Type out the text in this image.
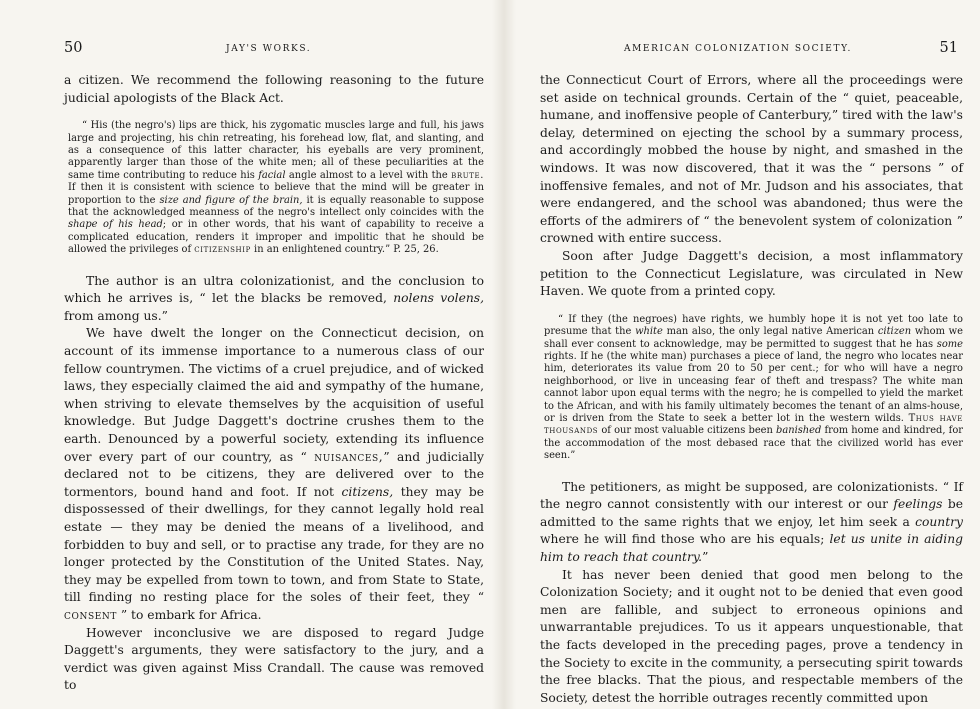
50	JAY'S WORKS.

a citizen. We recommend the following reasoning to the future judicial apologists of the Black Act.

“ His (the negro's) lips are thick, his zygomatic muscles large and full, his jaws large and projecting, his chin retreating, his forehead low, flat, and slanting, and as a consequence of this latter character, his eyeballs are very prominent, apparently larger than those of the white men; all of these peculiarities at the same time contributing to reduce his facial angle almost to a level with the brute. If then it is consistent with science to believe that the mind will be greater in proportion to the size and figure of the brain, it is equally reasonable to suppose that the acknowledged meanness of the negro's intellect only coincides with the shape of his head; or in other words, that his want of capability to receive a complicated education, renders it improper and impolitic that he should be allowed the privileges of citizenship in an enlightened country.” P. 25, 26.

The author is an ultra colonizationist, and the conclusion to which he arrives is, “ let the blacks be removed, nolens volens, from among us.”

We have dwelt the longer on the Connecticut decision, on account of its immense importance to a numerous class of our fellow countrymen. The victims of a cruel prejudice, and of wicked laws, they especially claimed the aid and sympathy of the humane, when striving to elevate themselves by the acquisition of useful knowledge. But Judge Daggett's doctrine crushes them to the earth. Denounced by a powerful society, extending its influence over every part of our country, as “ nuisances,” and judicially declared not to be citizens, they are delivered over to the tormentors, bound hand and foot. If not citizens, they may be dispossessed of their dwellings, for they cannot legally hold real estate — they may be denied the means of a livelihood, and forbidden to buy and sell, or to practise any trade, for they are no longer protected by the Constitution of the United States. Nay, they may be expelled from town to town, and from State to State, till finding no resting place for the soles of their feet, they “ consent ” to embark for Africa.

However inconclusive we are disposed to regard Judge Daggett's arguments, they were satisfactory to the jury, and a verdict was given against Miss Crandall. The cause was removed to

AMERICAN COLONIZATION SOCIETY.	51

the Connecticut Court of Errors, where all the proceedings were set aside on technical grounds. Certain of the “ quiet, peaceable, humane, and inoffensive people of Canterbury,” tired with the law's delay, determined on ejecting the school by a summary process, and accordingly mobbed the house by night, and smashed in the windows. It was now discovered, that it was the “ persons ” of inoffensive females, and not of Mr. Judson and his associates, that were endangered, and the school was abandoned; thus were the efforts of the admirers of “ the benevolent system of colonization ” crowned with entire success.

Soon after Judge Daggett's decision, a most inflammatory petition to the Connecticut Legislature, was circulated in New Haven. We quote from a printed copy.

“ If they (the negroes) have rights, we humbly hope it is not yet too late to presume that the white man also, the only legal native American citizen whom we shall ever consent to acknowledge, may be permitted to suggest that he has some rights. If he (the white man) purchases a piece of land, the negro who locates near him, deteriorates its value from 20 to 50 per cent.; for who will have a negro neighborhood, or live in unceasing fear of theft and trespass? The white man cannot labor upon equal terms with the negro; he is compelled to yield the market to the African, and with his family ultimately becomes the tenant of an alms-house, or is driven from the State to seek a better lot in the western wilds. Thus have thousands of our most valuable citizens been banished from home and kindred, for the accommodation of the most debased race that the civilized world has ever seen.”

The petitioners, as might be supposed, are colonizationists. “ If the negro cannot consistently with our interest or our feelings be admitted to the same rights that we enjoy, let him seek a country where he will find those who are his equals; let us unite in aiding him to reach that country.”

It has never been denied that good men belong to the Colonization Society; and it ought not to be denied that even good men are fallible, and subject to erroneous opinions and unwarrantable prejudices. To us it appears unquestionable, that the facts developed in the preceding pages, prove a tendency in the Society to excite in the community, a persecuting spirit towards the free blacks. That the pious, and respectable members of the Society, detest the horrible outrages recently committed upon
